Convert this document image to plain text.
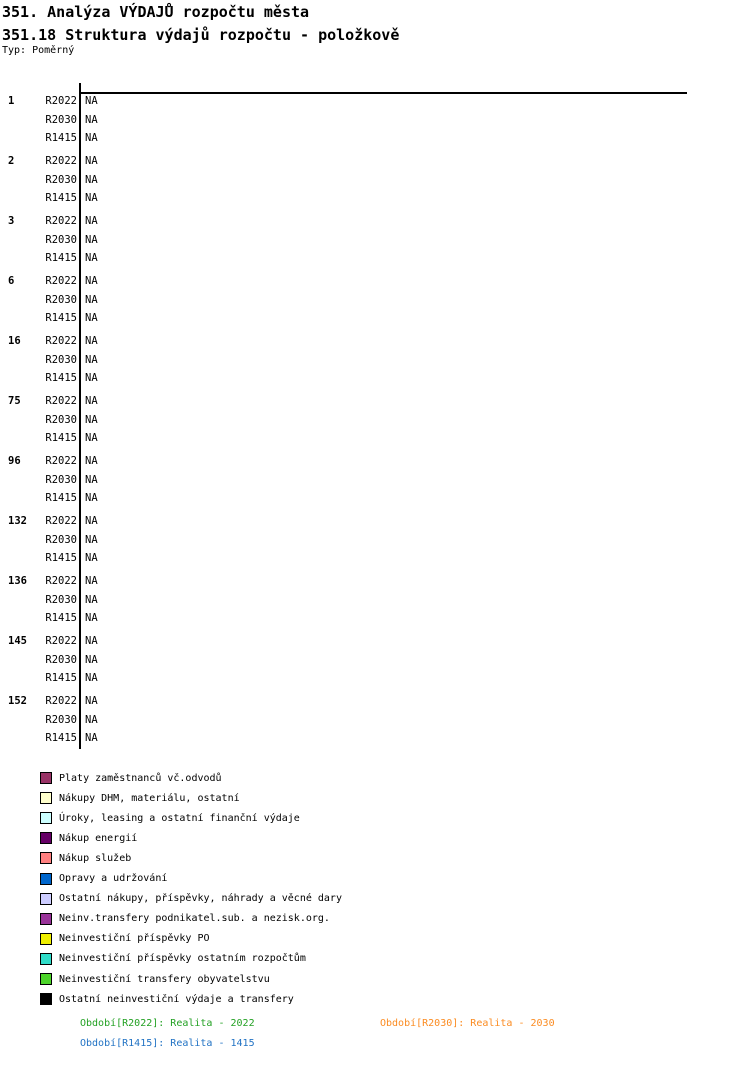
351. Analýza VÝDAJŮ rozpočtu města
351.18 Struktura výdajů rozpočtu - položkově
Typ: Poměrný
1	R2022 NA
R2030 NA
R1415 NA
2	R2022 NA
R2030 NA
R1415 NA
3	R2022 NA
R2030 NA
R1415 NA
6	R2022 NA
R2030 NA
R1415 NA
16	R2022 NA
R2030 NA
R1415 NA
75	R2022 NA
R2030 NA
R1415 NA
96	R2022 NA
R2030 NA
R1415 NA
132	R2022 NA
R2030 NA
R1415 NA
136	R2022 NA
R2030 NA
R1415 NA
145	R2022 NA
R2030 NA
R1415 NA
152	R2022 NA
R2030 NA
R1415 NA
Platy zaměstnanců vč.odvodů
Nákupy DHM, materiálu, ostatní
Úroky, leasing a ostatní finanční výdaje
Nákup energií
Nákup služeb
Opravy a udržování
Ostatní nákupy, příspěvky, náhrady a věcné dary
Neinv.transfery podnikatel.sub. a nezisk.org.
Neinvestiční příspěvky PO
Neinvestiční příspěvky ostatním rozpočtům
Neinvestiční transfery obyvatelstvu
Ostatní neinvestiční výdaje a transfery
Období[R2022]: Realita - 2022	Období[R2030]: Realita - 2030
Období[R1415]: Realita - 1415
